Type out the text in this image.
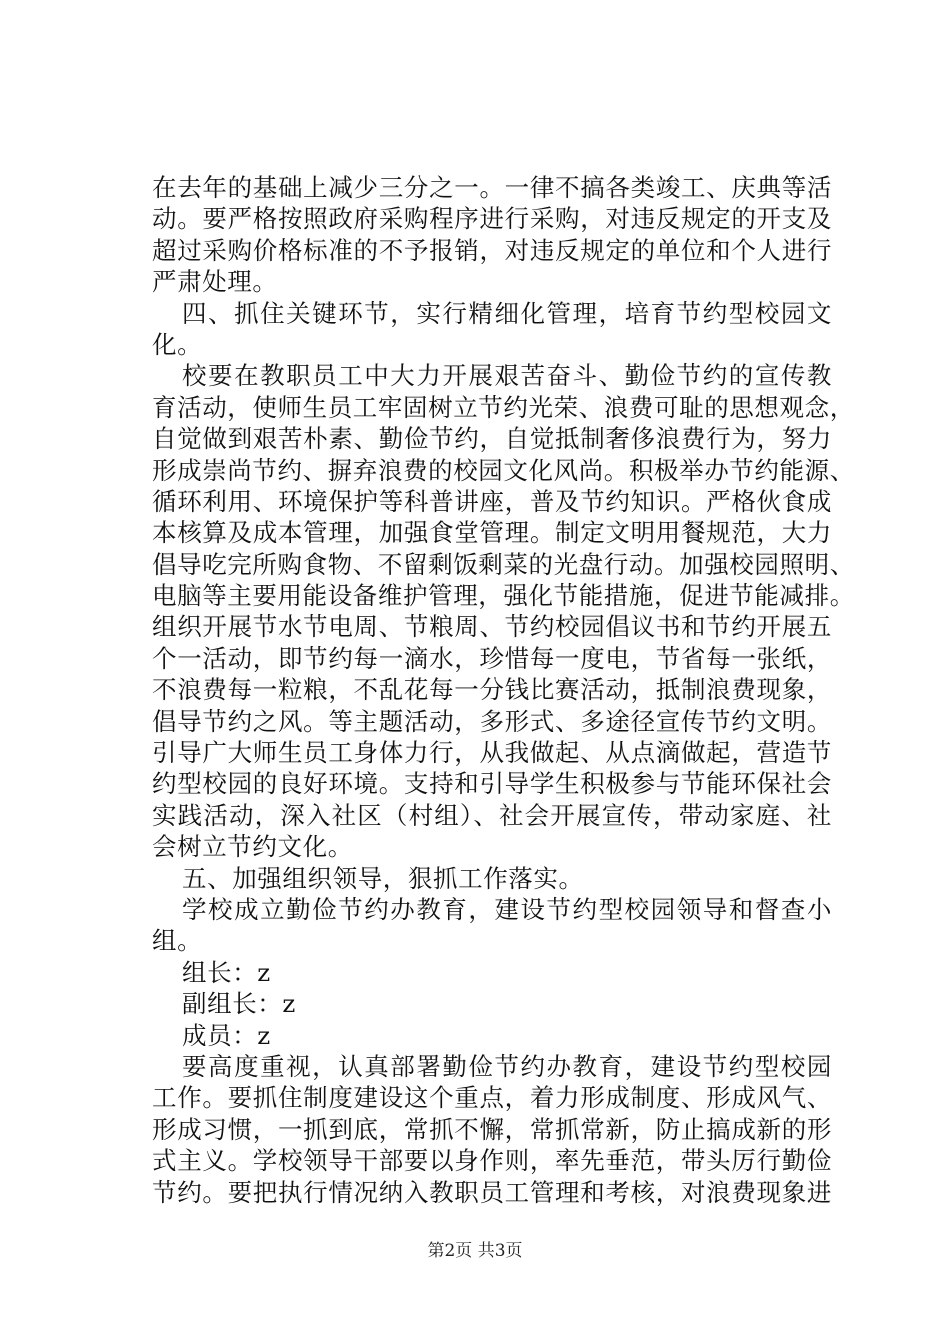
在去年的基础上减少三分之一。一律不搞各类竣工、庆典等活
动。要严格按照政府采购程序进行采购，对违反规定的开支及
超过采购价格标准的不予报销，对违反规定的单位和个人进行
严肃处理。
四、抓住关键环节，实行精细化管理，培育节约型校园文
化。
校要在教职员工中大力开展艰苦奋斗、勤俭节约的宣传教
育活动，使师生员工牢固树立节约光荣、浪费可耻的思想观念，
自觉做到艰苦朴素、勤俭节约，自觉抵制奢侈浪费行为，努力
形成崇尚节约、摒弃浪费的校园文化风尚。积极举办节约能源、
循环利用、环境保护等科普讲座，普及节约知识。严格伙食成
本核算及成本管理，加强食堂管理。制定文明用餐规范，大力
倡导吃完所购食物、不留剩饭剩菜的光盘行动。加强校园照明、
电脑等主要用能设备维护管理，强化节能措施，促进节能减排。
组织开展节水节电周、节粮周、节约校园倡议书和节约开展五
个一活动，即节约每一滴水，珍惜每一度电，节省每一张纸，
不浪费每一粒粮，不乱花每一分钱比赛活动，抵制浪费现象，
倡导节约之风。等主题活动，多形式、多途径宣传节约文明。
引导广大师生员工身体力行，从我做起、从点滴做起，营造节
约型校园的良好环境。支持和引导学生积极参与节能环保社会
实践活动，深入社区（村组）、社会开展宣传，带动家庭、社
会树立节约文化。
五、加强组织领导，狠抓工作落实。
学校成立勤俭节约办教育，建设节约型校园领导和督查小
组。
组长：z
副组长：z
成员：z
要高度重视，认真部署勤俭节约办教育，建设节约型校园
工作。要抓住制度建设这个重点，着力形成制度、形成风气、
形成习惯，一抓到底，常抓不懈，常抓常新，防止搞成新的形
式主义。学校领导干部要以身作则，率先垂范，带头厉行勤俭
节约。要把执行情况纳入教职员工管理和考核，对浪费现象进
第2页 共3页
